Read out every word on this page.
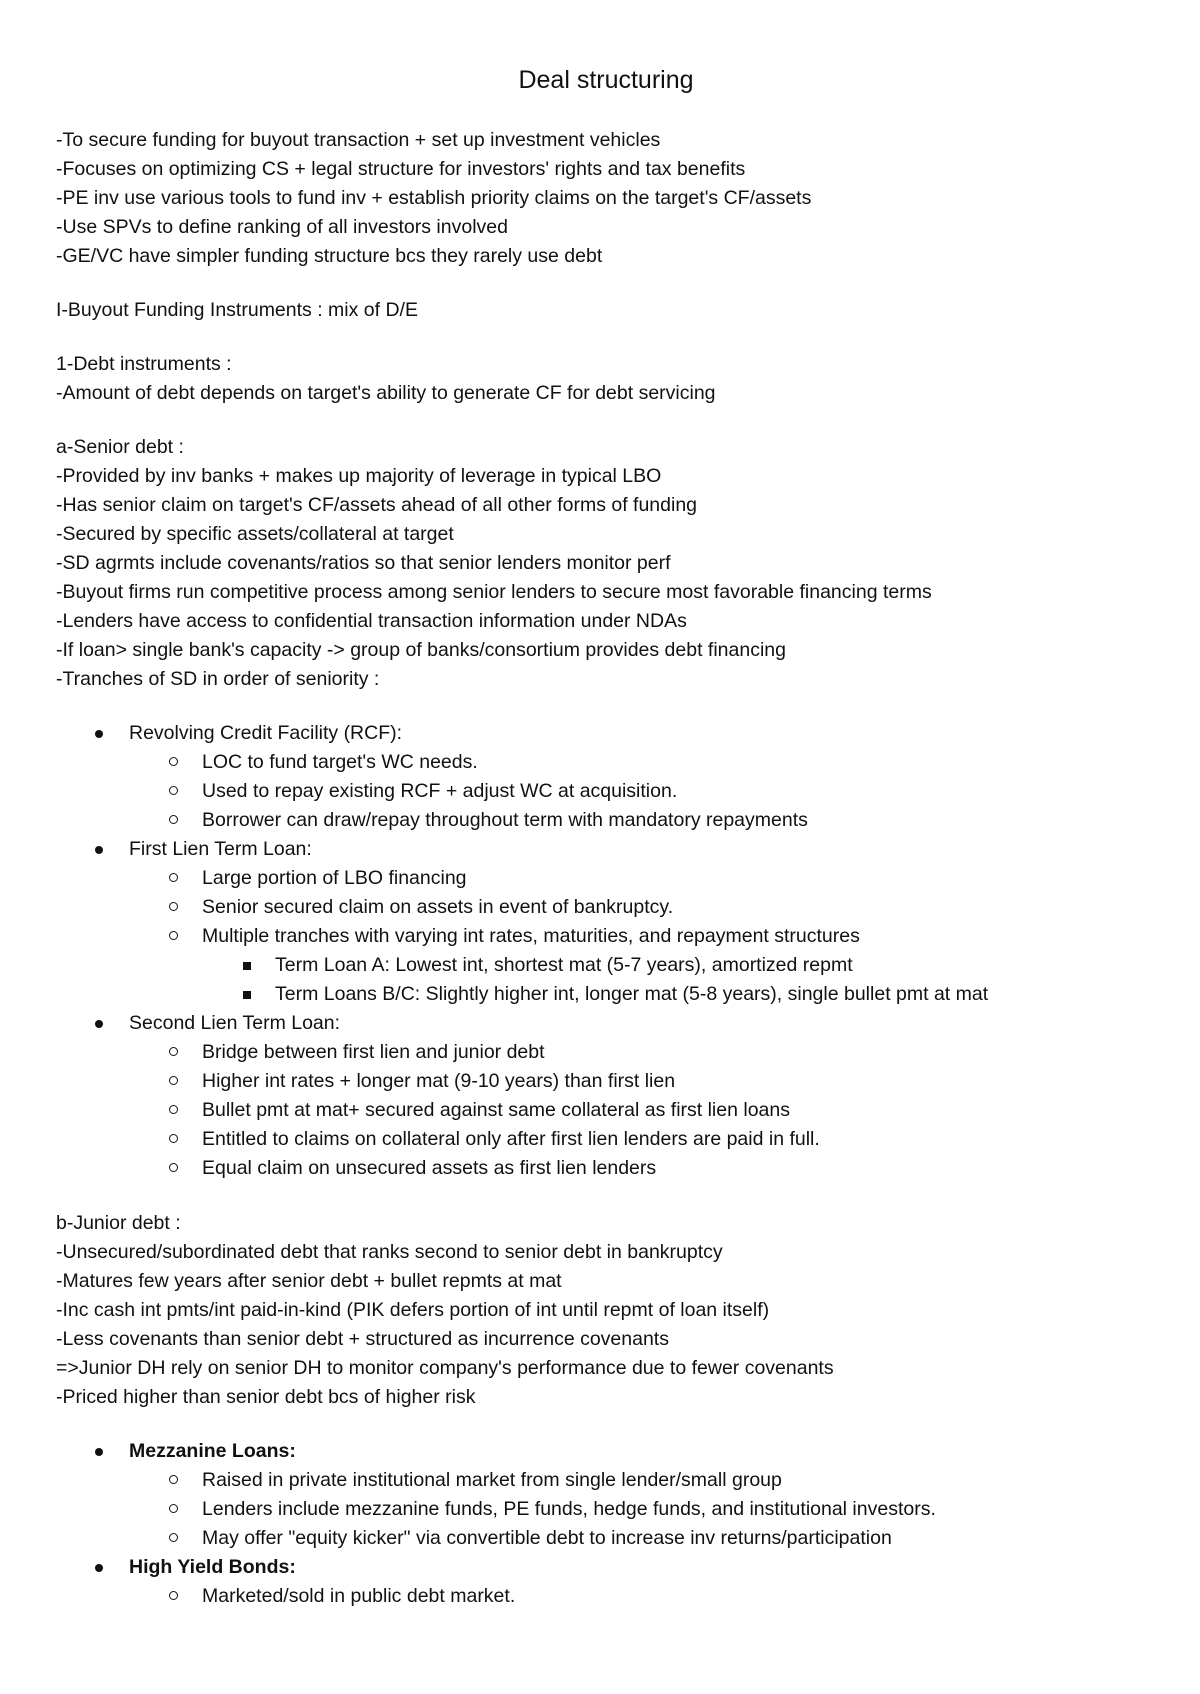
Deal structuring
-To secure funding for buyout transaction + set up investment vehicles
-Focuses on optimizing CS + legal structure for investors' rights and tax benefits
-PE inv use various tools to fund inv + establish priority claims on the target's CF/assets
-Use SPVs to define ranking of all investors involved
-GE/VC have simpler funding structure bcs they rarely use debt
I-Buyout Funding Instruments : mix of D/E
1-Debt instruments :
-Amount of debt depends on target's ability to generate CF for debt servicing
a-Senior debt :
-Provided by inv banks + makes up majority of leverage in typical LBO
-Has senior claim on target's CF/assets ahead of all other forms of funding
-Secured by specific assets/collateral at target
-SD agrmts include covenants/ratios so that senior lenders monitor perf
-Buyout firms run competitive process among senior lenders to secure most favorable financing terms
-Lenders have access to confidential transaction information under NDAs
-If loan> single bank's capacity -> group of banks/consortium provides debt financing
-Tranches of SD in order of seniority :
Revolving Credit Facility (RCF):
LOC to fund target's WC needs.
Used to repay existing RCF + adjust WC at acquisition.
Borrower can draw/repay throughout term with mandatory repayments
First Lien Term Loan:
Large portion of LBO financing
Senior secured claim on assets in event of bankruptcy.
Multiple tranches with varying int rates, maturities, and repayment structures
Term Loan A: Lowest int, shortest mat (5-7 years), amortized repmt
Term Loans B/C: Slightly higher int, longer mat (5-8 years), single bullet pmt at mat
Second Lien Term Loan:
Bridge between first lien and junior debt
Higher int rates + longer mat (9-10 years) than first lien
Bullet pmt at mat+ secured against same collateral as first lien loans
Entitled to claims on collateral only after first lien lenders are paid in full.
Equal claim on unsecured assets as first lien lenders
b-Junior debt :
-Unsecured/subordinated debt that ranks second to senior debt in bankruptcy
-Matures few years after senior debt + bullet repmts at mat
-Inc cash int pmts/int paid-in-kind (PIK defers portion of int until repmt of loan itself)
-Less covenants than senior debt + structured as incurrence covenants
=>Junior DH rely on senior DH to monitor company's performance due to fewer covenants
-Priced higher than senior debt bcs of higher risk
Mezzanine Loans:
Raised in private institutional market from single lender/small group
Lenders include mezzanine funds, PE funds, hedge funds, and institutional investors.
May offer "equity kicker" via convertible debt to increase inv returns/participation
High Yield Bonds:
Marketed/sold in public debt market.
